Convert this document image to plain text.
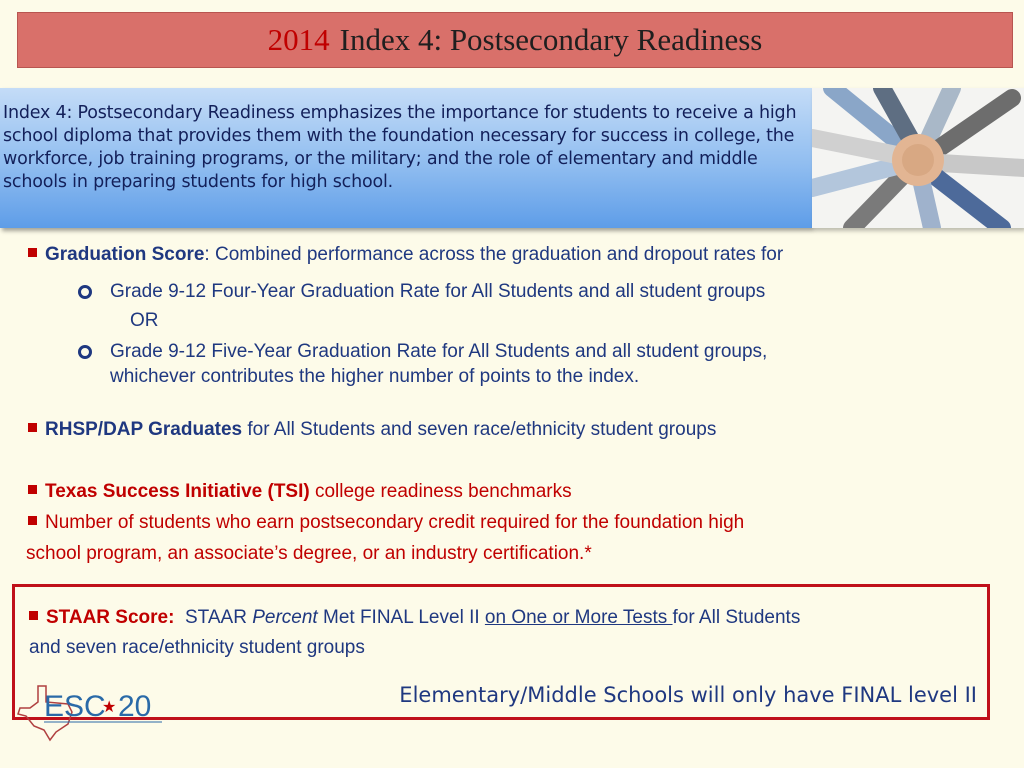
2014 Index 4: Postsecondary Readiness
Index 4: Postsecondary Readiness emphasizes the importance for students to receive a high school diploma that provides them with the foundation necessary for success in college, the workforce, job training programs, or the military; and the role of elementary and middle schools in preparing students for high school.
Graduation Score: Combined performance across the graduation and dropout rates for
Grade 9-12 Four-Year Graduation Rate for All Students and all student groups
OR
Grade 9-12 Five-Year Graduation Rate for All Students and all student groups,
whichever contributes the higher number of points to the index.
RHSP/DAP Graduates for All Students and seven race/ethnicity student groups
Texas Success Initiative (TSI) college readiness benchmarks
Number of students who earn postsecondary credit required for the foundation high
school program, an associate’s degree, or an industry certification.*
STAAR Score:  STAAR Percent Met FINAL Level II on One or More Tests for All Students
and seven race/ethnicity student groups
Elementary/Middle Schools will only have FINAL level II
ESC
★ 20
